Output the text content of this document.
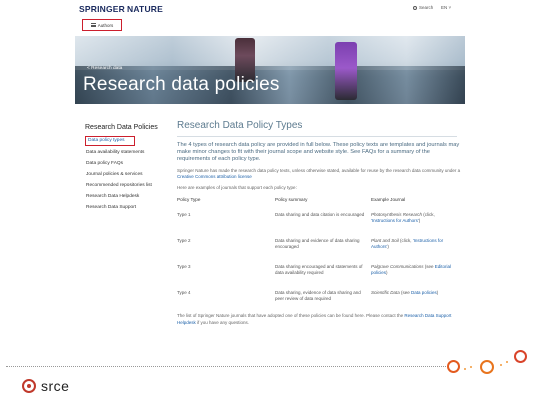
SPRINGER NATURE	Search EN ˅
Authors
< Research data
Research data policies
Research Data Policies
Data policy types
Data availability statements
Data policy FAQs
Journal policies & services
Recommended repositories list
Research Data Helpdesk
Research Data Support
Research Data Policy Types

The 4 types of research data policy are provided in full below. These policy texts are templates and journals may make minor changes to fit with their journal scope and website style. See FAQs for a summary of the requirements of each policy type.

Springer Nature has made the research data policy texts, unless otherwise stated, available for reuse by the research data community under a Creative Commons attribution license

Here are examples of journals that support each policy type:

Policy Type	Policy summary	Example Journal
Type 1	Data sharing and data citation is encouraged	Photosynthesis Research (click, 'Instructions for Authors')
Type 2	Data sharing and evidence of data sharing encouraged	Plant and Soil (click, 'Instructions for Authors')
Type 3	Data sharing encouraged and statements of data availability required	Palgrave Communications (see Editorial policies)
Type 4	Data sharing, evidence of data sharing and peer review of data required	Scientific Data (see Data policies)

The list of Springer Nature journals that have adopted one of these policies can be found here. Please contact the Research Data Support Helpdesk if you have any questions.

srce
